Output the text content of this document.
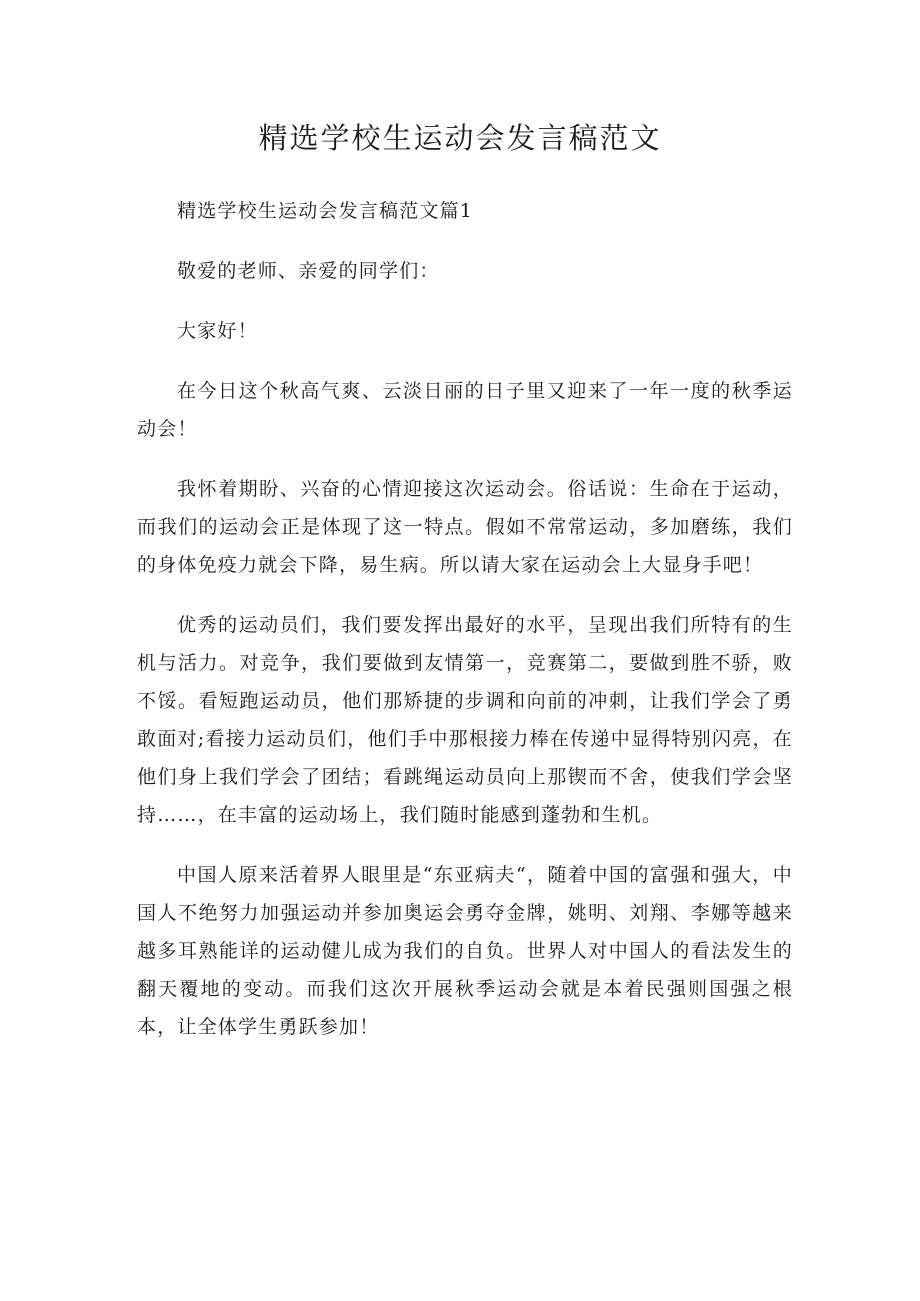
精选学校生运动会发言稿范文

精选学校生运动会发言稿范文篇1

敬爱的老师、亲爱的同学们：

大家好！

在今日这个秋高气爽、云淡日丽的日子里又迎来了一年一度的秋季运动会！

我怀着期盼、兴奋的心情迎接这次运动会。俗话说：生命在于运动，而我们的运动会正是体现了这一特点。假如不常常运动，多加磨练，我们的身体免疫力就会下降，易生病。所以请大家在运动会上大显身手吧！

优秀的运动员们，我们要发挥出最好的水平，呈现出我们所特有的生机与活力。对竞争，我们要做到友情第一，竞赛第二，要做到胜不骄，败不馁。看短跑运动员，他们那矫捷的步调和向前的冲刺，让我们学会了勇敢面对;看接力运动员们，他们手中那根接力棒在传递中显得特别闪亮，在他们身上我们学会了团结；看跳绳运动员向上那锲而不舍，使我们学会坚持……，在丰富的运动场上，我们随时能感到蓬勃和生机。

中国人原来活着界人眼里是“东亚病夫“，随着中国的富强和强大，中国人不绝努力加强运动并参加奥运会勇夺金牌，姚明、刘翔、李娜等越来越多耳熟能详的运动健儿成为我们的自负。世界人对中国人的看法发生的翻天覆地的变动。而我们这次开展秋季运动会就是本着民强则国强之根本，让全体学生勇跃参加！
